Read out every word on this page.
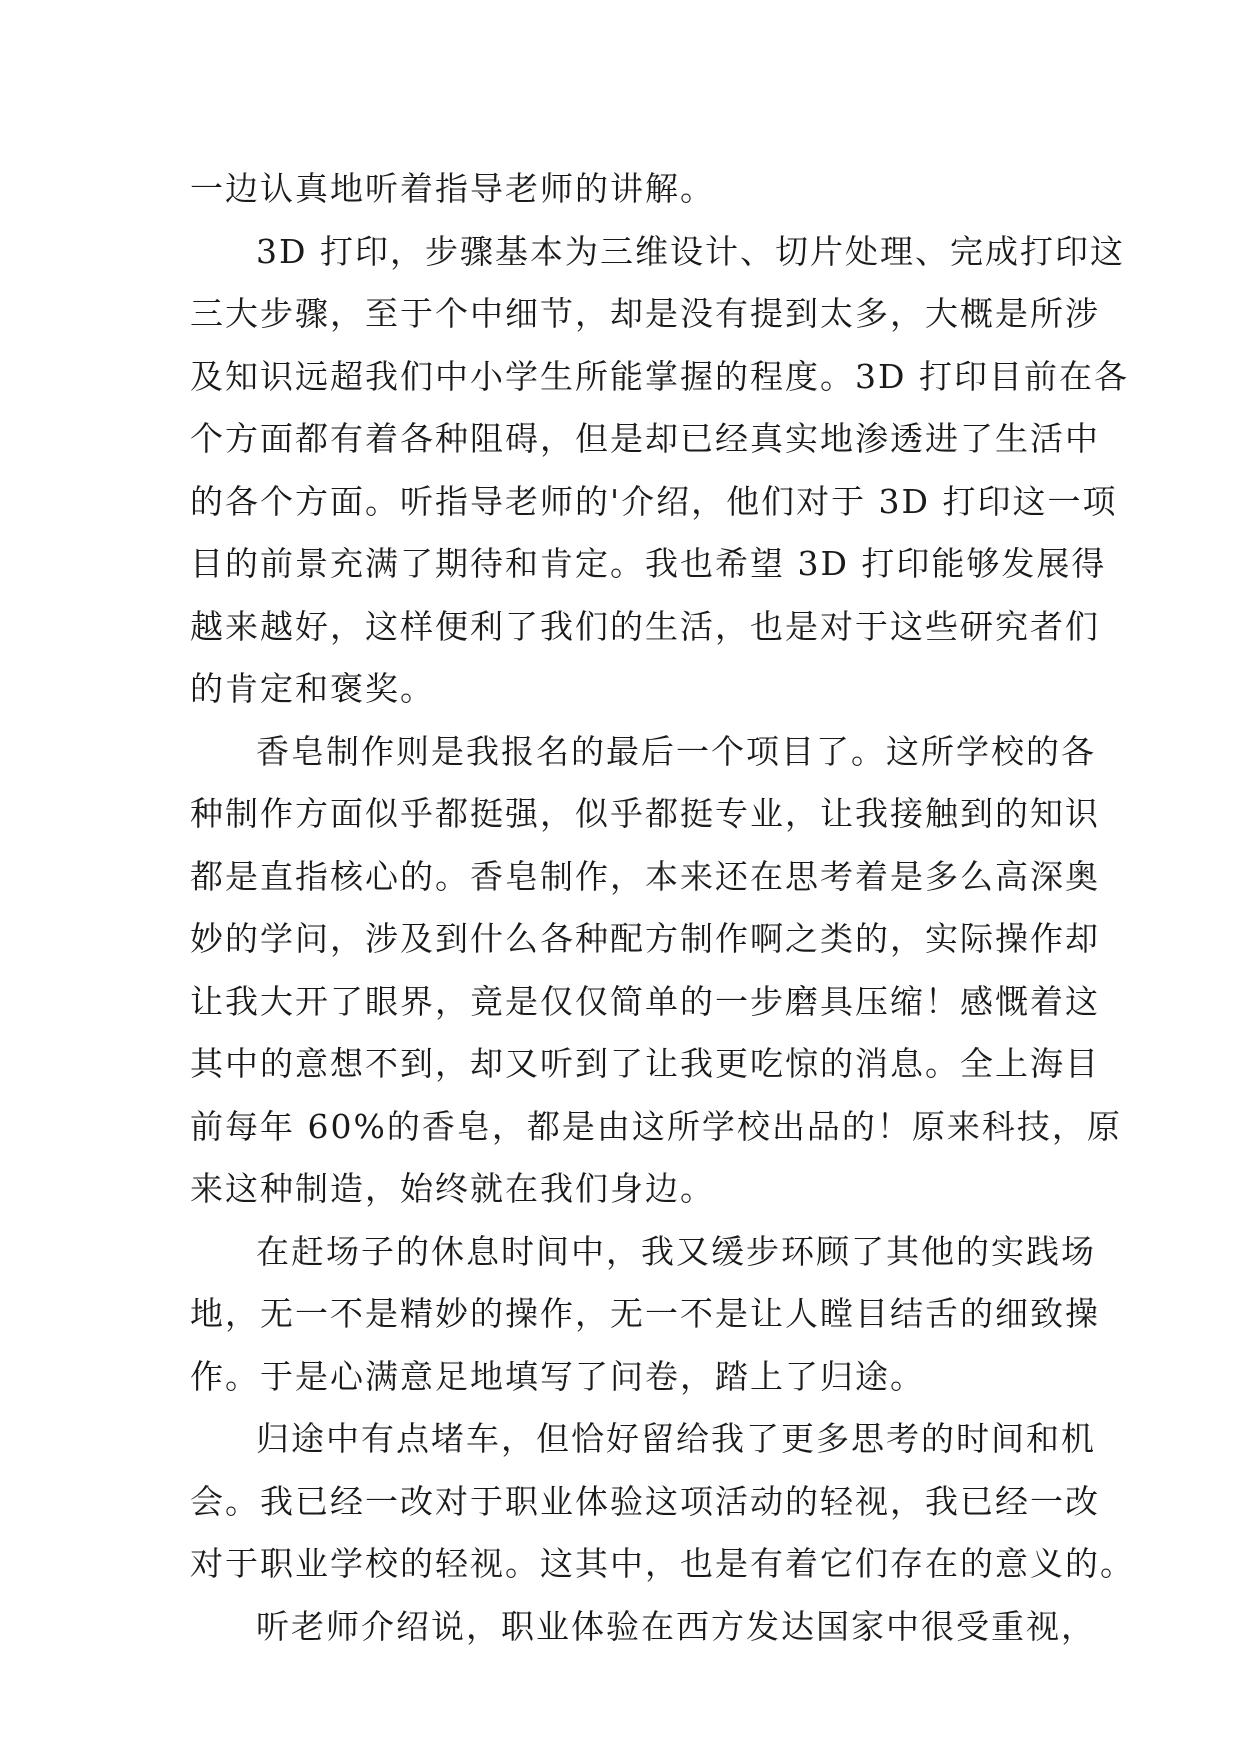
一边认真地听着指导老师的讲解。
3D 打印，步骤基本为三维设计、切片处理、完成打印这
三大步骤，至于个中细节，却是没有提到太多，大概是所涉
及知识远超我们中小学生所能掌握的程度。3D 打印目前在各
个方面都有着各种阻碍，但是却已经真实地渗透进了生活中
的各个方面。听指导老师的'介绍，他们对于 3D 打印这一项
目的前景充满了期待和肯定。我也希望 3D 打印能够发展得
越来越好，这样便利了我们的生活，也是对于这些研究者们
的肯定和褒奖。
香皂制作则是我报名的最后一个项目了。这所学校的各
种制作方面似乎都挺强，似乎都挺专业，让我接触到的知识
都是直指核心的。香皂制作，本来还在思考着是多么高深奥
妙的学问，涉及到什么各种配方制作啊之类的，实际操作却
让我大开了眼界，竟是仅仅简单的一步磨具压缩！感慨着这
其中的意想不到，却又听到了让我更吃惊的消息。全上海目
前每年 60%的香皂，都是由这所学校出品的！原来科技，原
来这种制造，始终就在我们身边。
在赶场子的休息时间中，我又缓步环顾了其他的实践场
地，无一不是精妙的操作，无一不是让人瞠目结舌的细致操
作。于是心满意足地填写了问卷，踏上了归途。
归途中有点堵车，但恰好留给我了更多思考的时间和机
会。我已经一改对于职业体验这项活动的轻视，我已经一改
对于职业学校的轻视。这其中，也是有着它们存在的意义的。
听老师介绍说，职业体验在西方发达国家中很受重视，
